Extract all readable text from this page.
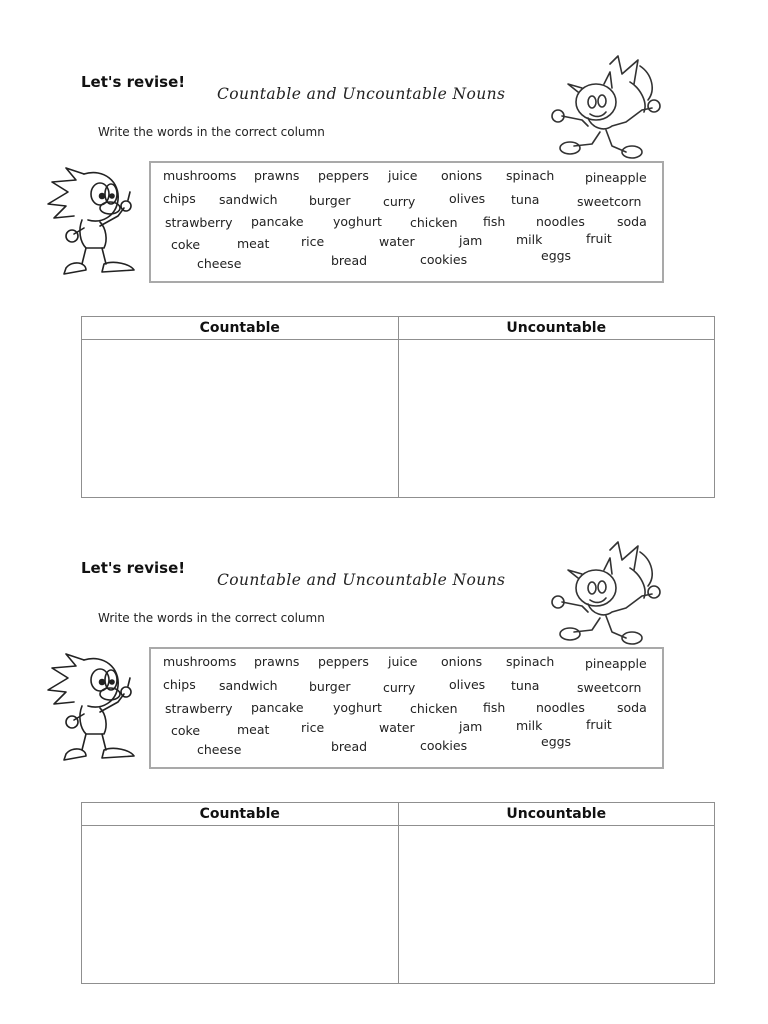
Let's revise!
Countable and Uncountable Nouns
Write the words in the correct column
mushrooms prawns peppers juice onions spinach pineapple
chips sandwich	burger	curry	olives tuna	sweetcorn
strawberry pancake yoghurt chicken fish noodles	soda
coke	meat	rice	water	jam	milk	fruit
cheese	bread	cookies	eggs
Countable	Uncountable

Let's revise!
Countable and Uncountable Nouns
Write the words in the correct column
mushrooms prawns peppers juice onions spinach pineapple
chips sandwich	burger	curry	olives tuna	sweetcorn
strawberry pancake yoghurt chicken fish noodles	soda
coke	meat	rice	water	jam	milk	fruit
cheese	bread	cookies	eggs
Countable	Uncountable
